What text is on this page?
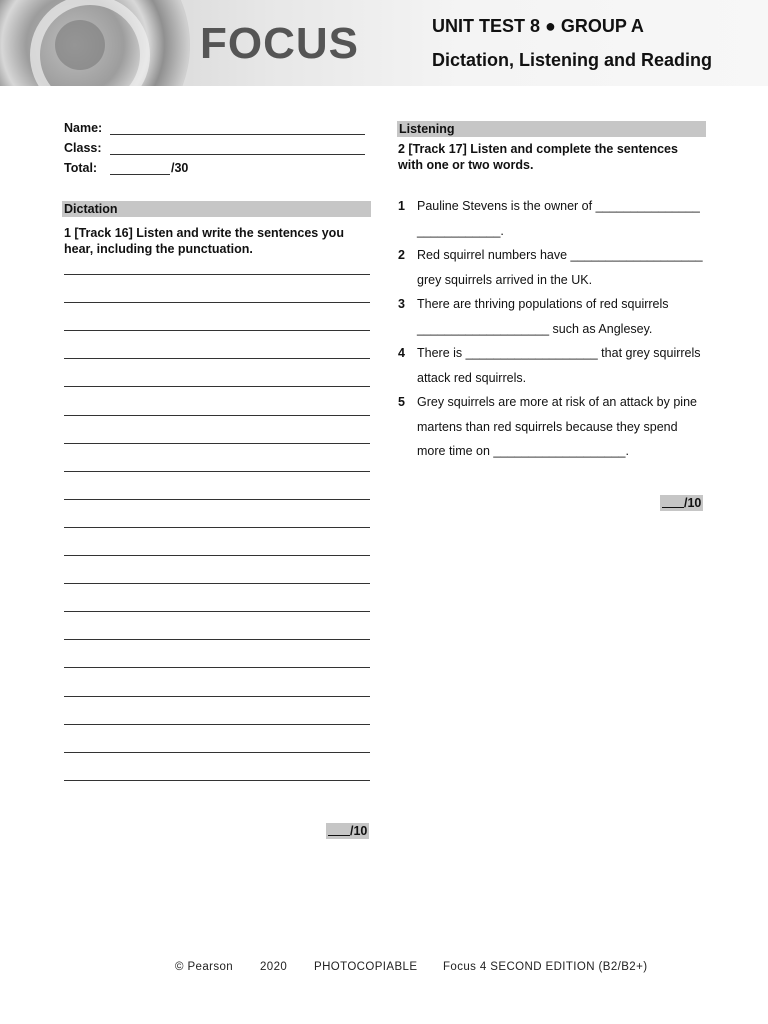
FOCUS	UNIT TEST 8 ● GROUP A
Dictation, Listening and Reading
Name:
Class:
Total:	/30
Dictation
1 [Track 16] Listen and write the sentences you hear, including the punctuation.
/10
Listening
2 [Track 17] Listen and complete the sentences with one or two words.
1 Pauline Stevens is the owner of _______________ ____________.
2 Red squirrel numbers have ___________________ grey squirrels arrived in the UK.
3 There are thriving populations of red squirrels ___________________ such as Anglesey.
4 There is ___________________ that grey squirrels attack red squirrels.
5 Grey squirrels are more at risk of an attack by pine martens than red squirrels because they spend more time on ___________________.
/10
© Pearson 2020 PHOTOCOPIABLE Focus 4 SECOND EDITION (B2/B2+)
